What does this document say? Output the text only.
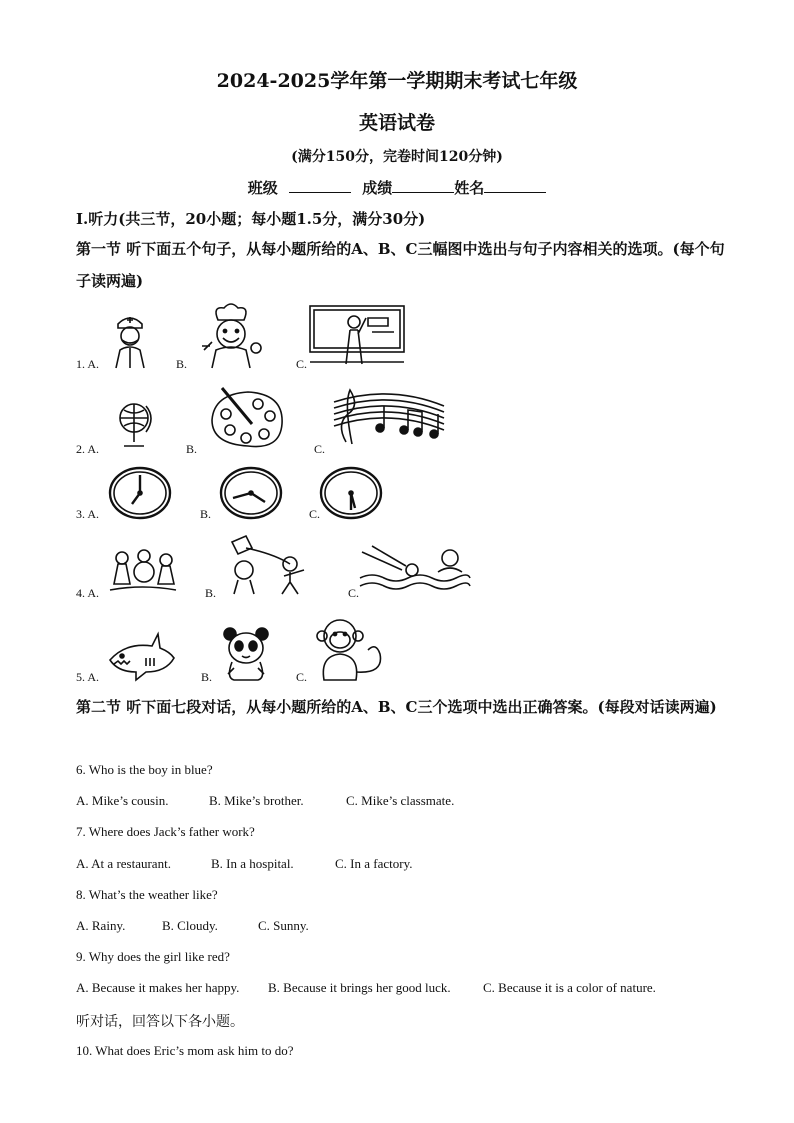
2024-2025学年第一学期期末考试七年级
英语试卷
(满分150分，完卷时间120分钟)
班级	成绩	姓名
I.听力(共三节，20小题；每小题1.5分，满分30分)
第一节 听下面五个句子，从每小题所给的A、B、C三幅图中选出与句子内容相关的选项。(每个句子读两遍)
1. A.	B.	C.
2. A.	B.	C.
3. A.	B.	C.
4. A.	B.	C.
5. A.	B.	C.
第二节 听下面七段对话，从每小题所给的A、B、C三个选项中选出正确答案。(每段对话读两遍)
6. Who is the boy in blue?
A. Mike’s cousin.	B. Mike’s brother.	C. Mike’s classmate.
7. Where does Jack’s father work?
A. At a restaurant.	B. In a hospital.	C. In a factory.
8. What’s the weather like?
A. Rainy.	B. Cloudy.	C. Sunny.
9. Why does the girl like red?
A. Because it makes her happy. B. Because it brings her good luck. C. Because it is a color of nature.
听对话，回答以下各小题。
10. What does Eric’s mom ask him to do?
